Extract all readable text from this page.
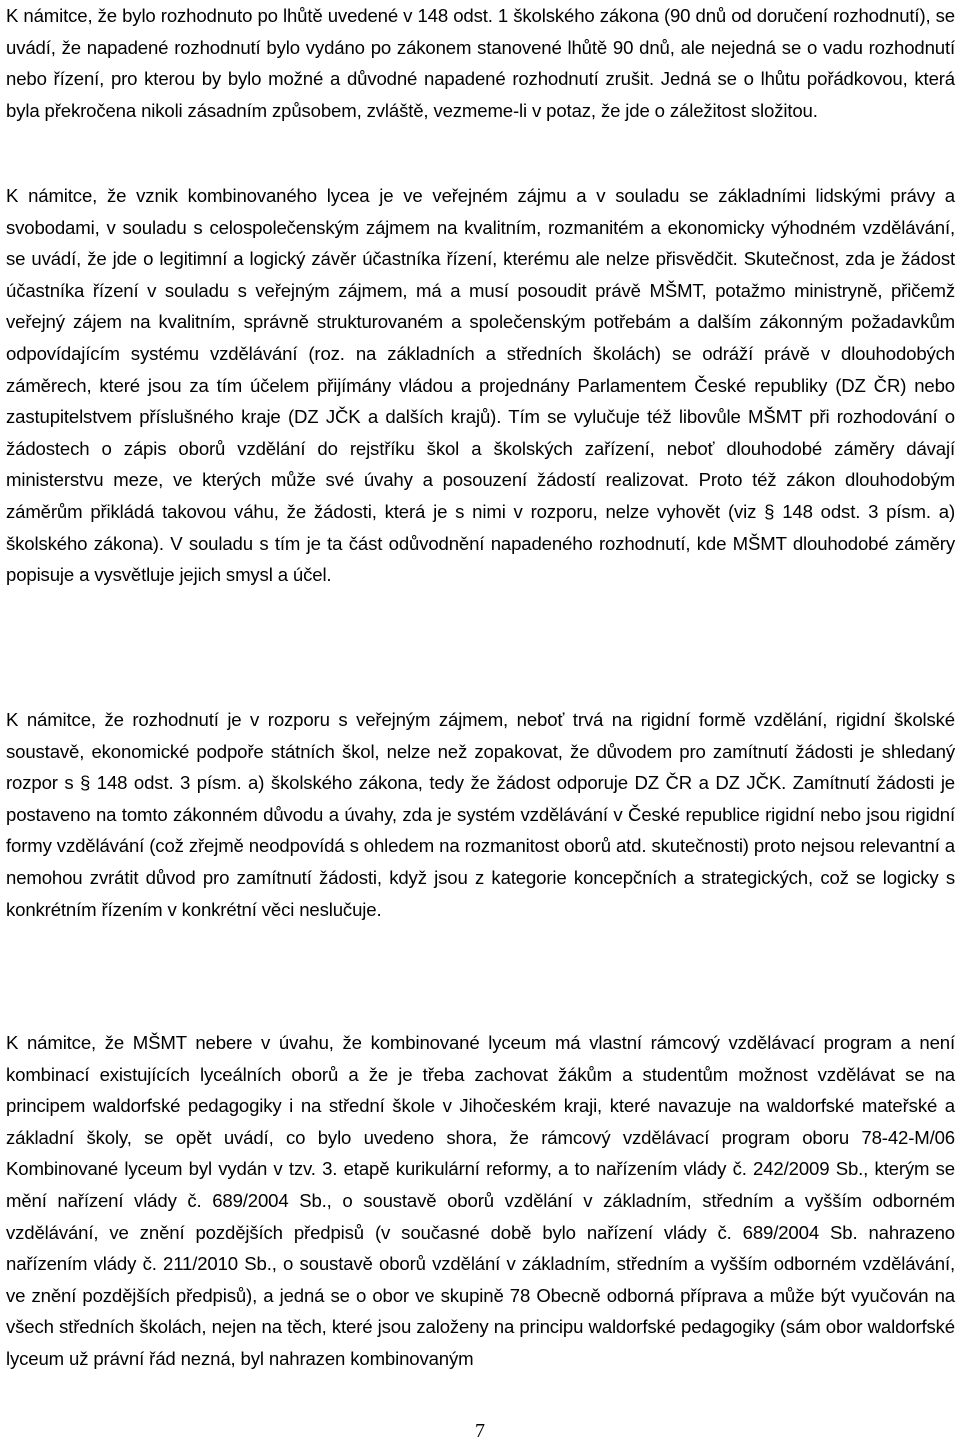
K námitce, že bylo rozhodnuto po lhůtě uvedené v 148 odst. 1 školského zákona (90 dnů od doručení rozhodnutí), se uvádí, že napadené rozhodnutí bylo vydáno po zákonem stanovené lhůtě 90 dnů, ale nejedná se o vadu rozhodnutí nebo řízení, pro kterou by bylo možné a důvodné napadené rozhodnutí zrušit. Jedná se o lhůtu pořádkovou, která byla překročena nikoli zásadním způsobem, zvláště, vezmeme-li v potaz, že jde o záležitost složitou.

K námitce, že vznik kombinovaného lycea je ve veřejném zájmu a v souladu se základními lidskými právy a svobodami, v souladu s celospolečenským zájmem na kvalitním, rozmanitém a ekonomicky výhodném vzdělávání, se uvádí, že jde o legitimní a logický závěr účastníka řízení, kterému ale nelze přisvědčit. Skutečnost, zda je žádost účastníka řízení v souladu s veřejným zájmem, má a musí posoudit právě MŠMT, potažmo ministryně, přičemž veřejný zájem na kvalitním, správně strukturovaném a společenským potřebám a dalším zákonným požadavkům odpovídajícím systému vzdělávání (roz. na základních a středních školách) se odráží právě v dlouhodobých záměrech, které jsou za tím účelem přijímány vládou a projednány Parlamentem České republiky (DZ ČR) nebo zastupitelstvem příslušného kraje (DZ JČK a dalších krajů). Tím se vylučuje též libovůle MŠMT při rozhodování o žádostech o zápis oborů vzdělání do rejstříku škol a školských zařízení, neboť dlouhodobé záměry dávají ministerstvu meze, ve kterých může své úvahy a posouzení žádostí realizovat. Proto též zákon dlouhodobým záměrům přikládá takovou váhu, že žádosti, která je s nimi v rozporu, nelze vyhovět (viz § 148 odst. 3 písm. a) školského zákona). V souladu s tím je ta část odůvodnění napadeného rozhodnutí, kde MŠMT dlouhodobé záměry popisuje a vysvětluje jejich smysl a účel.

K námitce, že rozhodnutí je v rozporu s veřejným zájmem, neboť trvá na rigidní formě vzdělání, rigidní školské soustavě, ekonomické podpoře státních škol, nelze než zopakovat, že důvodem pro zamítnutí žádosti je shledaný rozpor s § 148 odst. 3 písm. a) školského zákona, tedy že žádost odporuje DZ ČR a DZ JČK. Zamítnutí žádosti je postaveno na tomto zákonném důvodu a úvahy, zda je systém vzdělávání v České republice rigidní nebo jsou rigidní formy vzdělávání (což zřejmě neodpovídá s ohledem na rozmanitost oborů atd. skutečnosti) proto nejsou relevantní a nemohou zvrátit důvod pro zamítnutí žádosti, když jsou z kategorie koncepčních a strategických, což se logicky s konkrétním řízením v konkrétní věci neslučuje.

K námitce, že MŠMT nebere v úvahu, že kombinované lyceum má vlastní rámcový vzdělávací program a není kombinací existujících lyceálních oborů a že je třeba zachovat žákům a studentům možnost vzdělávat se na principem waldorfské pedagogiky i na střední škole v Jihočeském kraji, které navazuje na waldorfské mateřské a základní školy, se opět uvádí, co bylo uvedeno shora, že rámcový vzdělávací program oboru 78-42-M/06 Kombinované lyceum byl vydán v tzv. 3. etapě kurikulární reformy, a to nařízením vlády č. 242/2009 Sb., kterým se mění nařízení vlády č. 689/2004 Sb., o soustavě oborů vzdělání v základním, středním a vyšším odborném vzdělávání, ve znění pozdějších předpisů (v současné době bylo nařízení vlády č. 689/2004 Sb. nahrazeno nařízením vlády č. 211/2010 Sb., o soustavě oborů vzdělání v základním, středním a vyšším odborném vzdělávání, ve znění pozdějších předpisů), a jedná se o obor ve skupině 78 Obecně odborná příprava a může být vyučován na všech středních školách, nejen na těch, které jsou založeny na principu waldorfské pedagogiky (sám obor waldorfské lyceum už právní řád nezná, byl nahrazen kombinovaným

7
